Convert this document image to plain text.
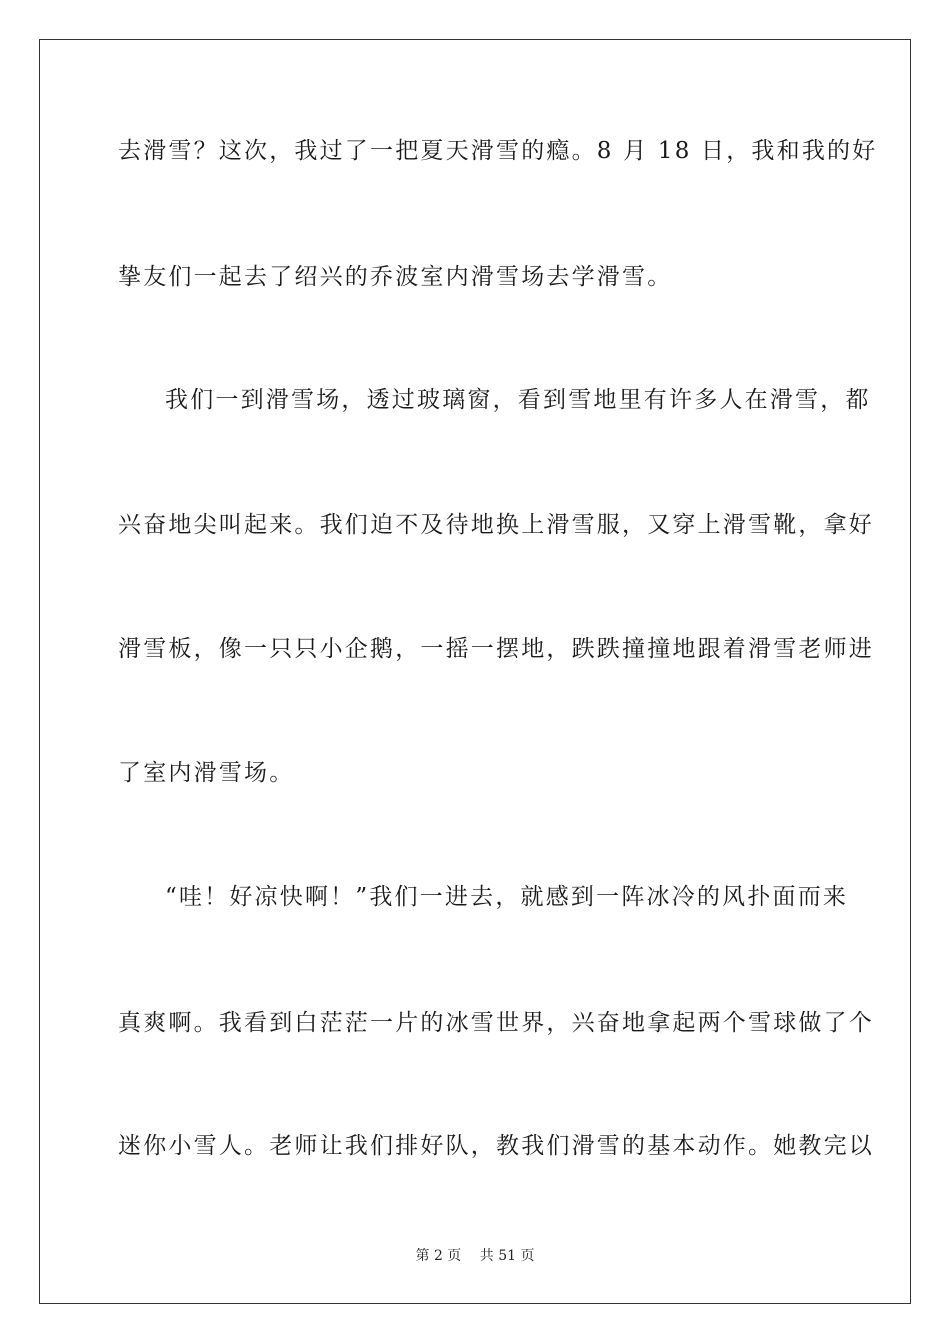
去滑雪？这次，我过了一把夏天滑雪的瘾。8 月 18 日，我和我的好
挚友们一起去了绍兴的乔波室内滑雪场去学滑雪。
我们一到滑雪场，透过玻璃窗，看到雪地里有许多人在滑雪，都
兴奋地尖叫起来。我们迫不及待地换上滑雪服，又穿上滑雪靴，拿好
滑雪板，像一只只小企鹅，一摇一摆地，跌跌撞撞地跟着滑雪老师进
了室内滑雪场。
“哇！好凉快啊！”我们一进去，就感到一阵冰冷的风扑面而来
真爽啊。我看到白茫茫一片的冰雪世界，兴奋地拿起两个雪球做了个
迷你小雪人。老师让我们排好队，教我们滑雪的基本动作。她教完以
第 2 页　 共 51 页
